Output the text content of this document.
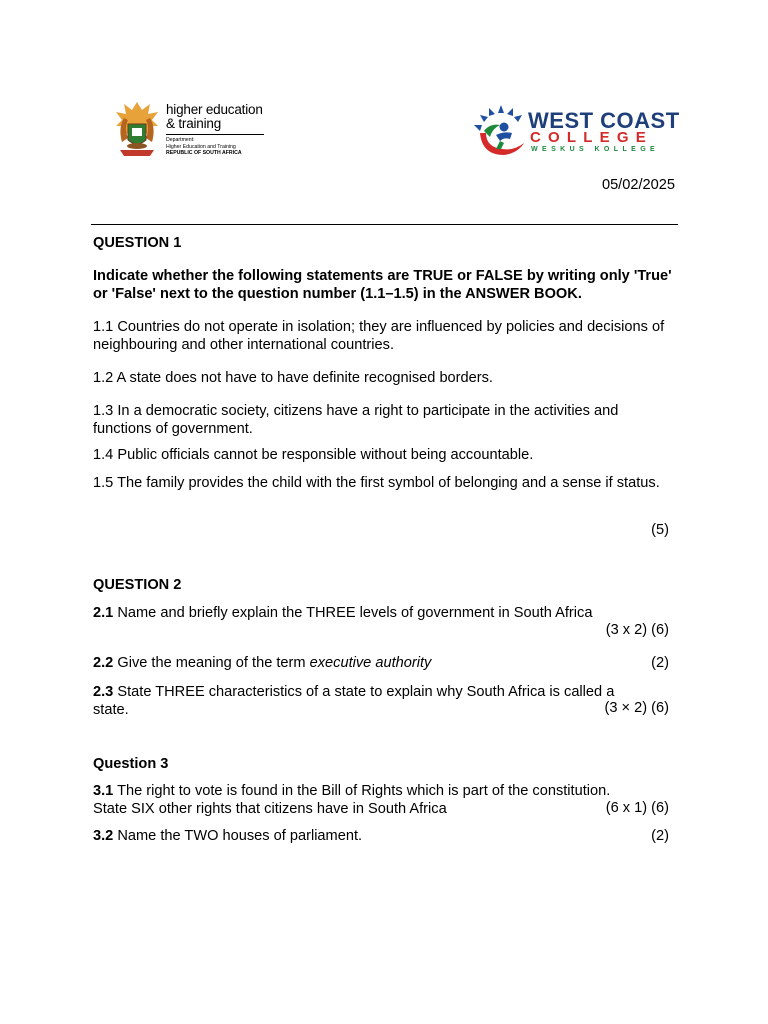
higher education
& training
Department:
Higher Education and Training
REPUBLIC OF SOUTH AFRICA
WEST COAST
COLLEGE
WESKUS KOLLEGE
05/02/2025
QUESTION 1
Indicate whether the following statements are TRUE or FALSE by writing only 'True' or 'False' next to the question number (1.1–1.5) in the ANSWER BOOK.
1.1 Countries do not operate in isolation; they are influenced by policies and decisions of neighbouring and other international countries.
1.2 A state does not have to have definite recognised borders.
1.3 In a democratic society, citizens have a right to participate in the activities and functions of government.
1.4 Public officials cannot be responsible without being accountable.
1.5 The family provides the child with the first symbol of belonging and a sense if status.
(5)
QUESTION 2
2.1 Name and briefly explain the THREE levels of government in South Africa
(3 x 2) (6)
2.2 Give the meaning of the term executive authority	(2)
2.3 State THREE characteristics of a state to explain why South Africa is called a
state.	(3 × 2) (6)
Question 3
3.1 The right to vote is found in the Bill of Rights which is part of the constitution.
State SIX other rights that citizens have in South Africa	(6 x 1) (6)
3.2 Name the TWO houses of parliament.	(2)
